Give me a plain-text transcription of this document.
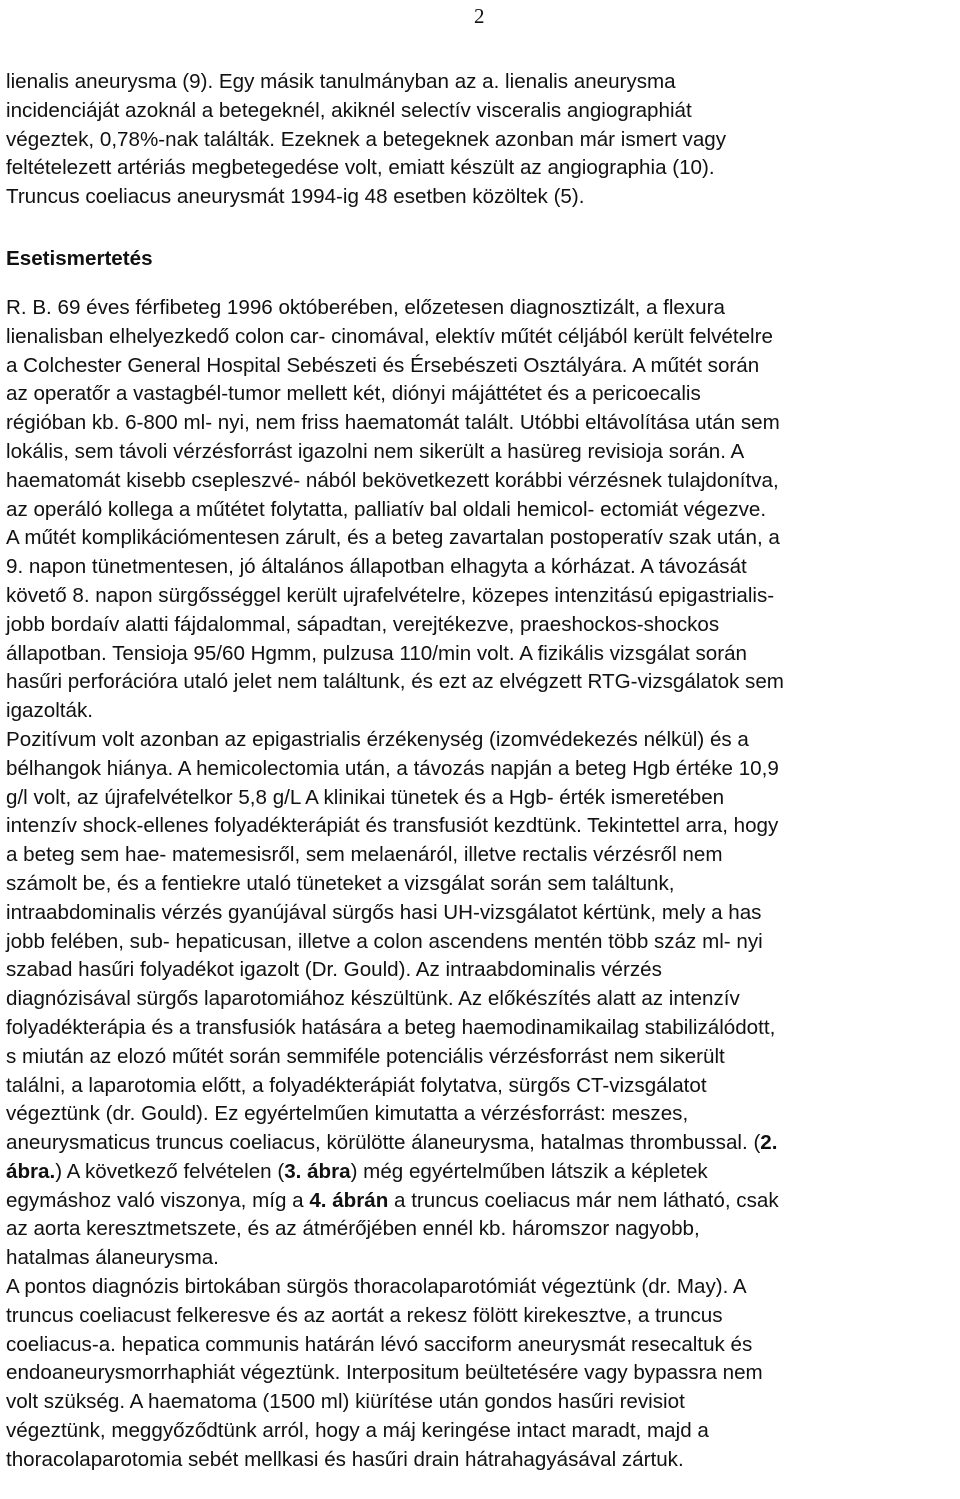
2
lienalis aneurysma (9). Egy másik tanulmányban az a. lienalis aneurysma
incidenciáját azoknál a betegeknél, akiknél selectív visceralis angiographiát
végeztek, 0,78%-nak találták. Ezeknek a betegeknek azonban már ismert vagy
feltételezett artériás megbetegedése volt, emiatt készült az angiographia (10).
Truncus coeliacus aneurysmát 1994-ig 48 esetben közöltek (5).

Esetismertetés

R. B. 69 éves férfibeteg 1996 októberében, előzetesen diagnosztizált, a flexura
lienalisban elhelyezkedő colon car- cinomával, elektív műtét céljából került felvételre
a Colchester General Hospital Sebészeti és Érsebészeti Osztályára. A műtét során
az operatőr a vastagbél-tumor mellett két, diónyi májáttétet és a pericoecalis
régióban kb. 6-800 ml- nyi, nem friss haematomát talált. Utóbbi eltávolítása után sem
lokális, sem távoli vérzésforrást igazolni nem sikerült a hasüreg revisioja során. A
haematomát kisebb csepleszvé- nából bekövetkezett korábbi vérzésnek tulajdonítva,
az operáló kollega a műtétet folytatta, palliatív bal oldali hemicol- ectomiát végezve.
A műtét komplikációmentesen zárult, és a beteg zavartalan postoperatív szak után, a
9. napon tünetmentesen, jó általános állapotban elhagyta a kórházat. A távozását
követő 8. napon sürgősséggel került ujrafelvételre, közepes intenzitású epigastrialis-
jobb bordaív alatti fájdalommal, sápadtan, verejtékezve, praeshockos-shockos
állapotban. Tensioja 95/60 Hgmm, pulzusa 110/min volt. A fizikális vizsgálat során
hasűri perforációra utaló jelet nem találtunk, és ezt az elvégzett RTG-vizsgálatok sem
igazolták.
Pozitívum volt azonban az epigastrialis érzékenység (izomvédekezés nélkül) és a
bélhangok hiánya. A hemicolectomia után, a távozás napján a beteg Hgb értéke 10,9
g/l volt, az újrafelvételkor 5,8 g/L A klinikai tünetek és a Hgb- érték ismeretében
intenzív shock-ellenes folyadékterápiát és transfusiót kezdtünk. Tekintettel arra, hogy
a beteg sem hae- matemesisről, sem melaenáról, illetve rectalis vérzésről nem
számolt be, és a fentiekre utaló tüneteket a vizsgálat során sem találtunk,
intraabdominalis vérzés gyanújával sürgős hasi UH-vizsgálatot kértünk, mely a has
jobb felében, sub- hepaticusan, illetve a colon ascendens mentén több száz ml- nyi
szabad hasűri folyadékot igazolt (Dr. Gould). Az intraabdominalis vérzés
diagnózisával sürgős laparotomiához készültünk. Az előkészítés alatt az intenzív
folyadékterápia és a transfusiók hatására a beteg haemodinamikailag stabilizálódott,
s miután az elozó műtét során semmiféle potenciális vérzésforrást nem sikerült
találni, a laparotomia előtt, a folyadékterápiát folytatva, sürgős CT-vizsgálatot
végeztünk (dr. Gould). Ez egyértelműen kimutatta a vérzésforrást: meszes,
aneurysmaticus truncus coeliacus, körülötte álaneurysma, hatalmas thrombussal. (2.
ábra.) A következő felvételen (3. ábra) még egyértelműben látszik a képletek
egymáshoz való viszonya, míg a 4. ábrán a truncus coeliacus már nem látható, csak
az aorta keresztmetszete, és az átmérőjében ennél kb. háromszor nagyobb,
hatalmas álaneurysma.
A pontos diagnózis birtokában sürgös thoracolaparotómiát végeztünk (dr. May). A
truncus coeliacust felkeresve és az aortát a rekesz fölött kirekesztve, a truncus
coeliacus-a. hepatica communis határán lévó sacciform aneurysmát resecaltuk és
endoaneurysmorrhaphiát végeztünk. Interpositum beültetésére vagy bypassra nem
volt szükség. A haematoma (1500 ml) kiürítése után gondos hasűri revisiot
végeztünk, meggyőződtünk arról, hogy a máj keringése intact maradt, majd a
thoracolaparotomia sebét mellkasi és hasűri drain hátrahagyásával zártuk.
